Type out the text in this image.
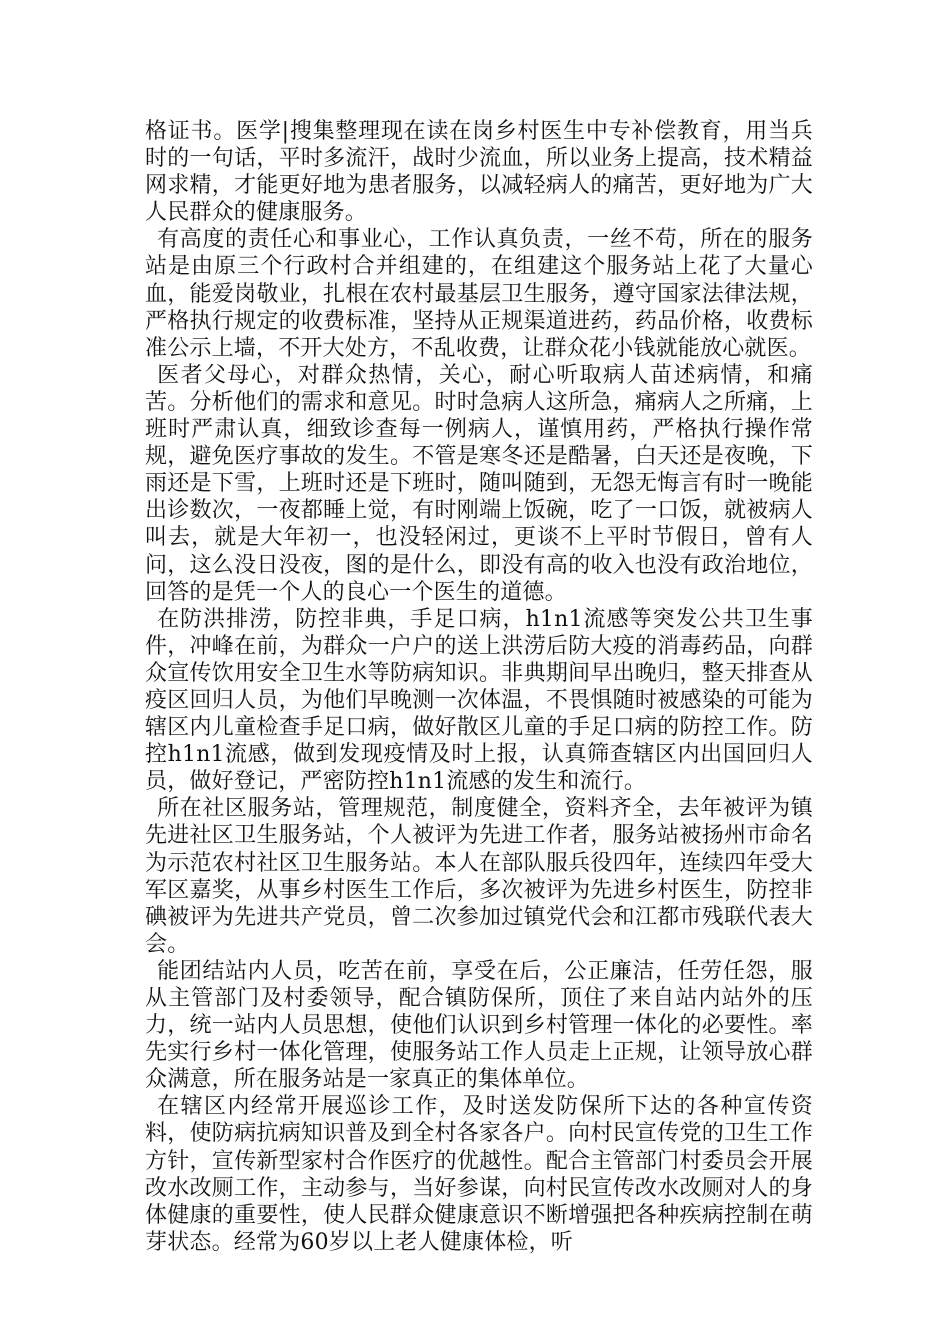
格证书。医学|搜集整理现在读在岗乡村医生中专补偿教育，用当兵时的一句话，平时多流汗，战时少流血，所以业务上提高，技术精益网求精，才能更好地为患者服务，以减轻病人的痛苦，更好地为广大人民群众的健康服务。

有高度的责任心和事业心，工作认真负责，一丝不苟，所在的服务站是由原三个行政村合并组建的，在组建这个服务站上花了大量心血，能爱岗敬业，扎根在农村最基层卫生服务，遵守国家法律法规，严格执行规定的收费标准，坚持从正规渠道进药，药品价格，收费标准公示上墙，不开大处方，不乱收费，让群众花小钱就能放心就医。

医者父母心，对群众热情，关心，耐心听取病人苗述病情，和痛苦。分析他们的需求和意见。时时急病人这所急，痛病人之所痛，上班时严肃认真，细致诊查每一例病人，谨慎用药，严格执行操作常规，避免医疗事故的发生。不管是寒冬还是酷暑，白天还是夜晚，下雨还是下雪，上班时还是下班时，随叫随到，无怨无悔言有时一晚能出诊数次，一夜都睡上觉，有时刚端上饭碗，吃了一口饭，就被病人叫去，就是大年初一，也没轻闲过，更谈不上平时节假日，曾有人问，这么没日没夜，图的是什么，即没有高的收入也没有政治地位，回答的是凭一个人的良心一个医生的道德。

在防洪排涝，防控非典，手足口病，h1n1流感等突发公共卫生事件，冲峰在前，为群众一户户的送上洪涝后防大疫的消毒药品，向群众宣传饮用安全卫生水等防病知识。非典期间早出晚归，整天排查从疫区回归人员，为他们早晚测一次体温，不畏惧随时被感染的可能为辖区内儿童检查手足口病，做好散区儿童的手足口病的防控工作。防控h1n1流感，做到发现疫情及时上报，认真筛查辖区内出国回归人员，做好登记，严密防控h1n1流感的发生和流行。

所在社区服务站，管理规范，制度健全，资料齐全，去年被评为镇先进社区卫生服务站，个人被评为先进工作者，服务站被扬州市命名为示范农村社区卫生服务站。本人在部队服兵役四年，连续四年受大军区嘉奖，从事乡村医生工作后，多次被评为先进乡村医生，防控非碘被评为先进共产党员，曾二次参加过镇党代会和江都市残联代表大会。

能团结站内人员，吃苦在前，享受在后，公正廉洁，任劳任怨，服从主管部门及村委领导，配合镇防保所，顶住了来自站内站外的压力，统一站内人员思想，使他们认识到乡村管理一体化的必要性。率先实行乡村一体化管理，使服务站工作人员走上正规，让领导放心群众满意，所在服务站是一家真正的集体单位。

在辖区内经常开展巡诊工作，及时送发防保所下达的各种宣传资料，使防病抗病知识普及到全村各家各户。向村民宣传党的卫生工作方针，宣传新型家村合作医疗的优越性。配合主管部门村委员会开展改水改厕工作，主动参与，当好参谋，向村民宣传改水改厕对人的身体健康的重要性，使人民群众健康意识不断增强把各种疾病控制在萌芽状态。经常为60岁以上老人健康体检，听
